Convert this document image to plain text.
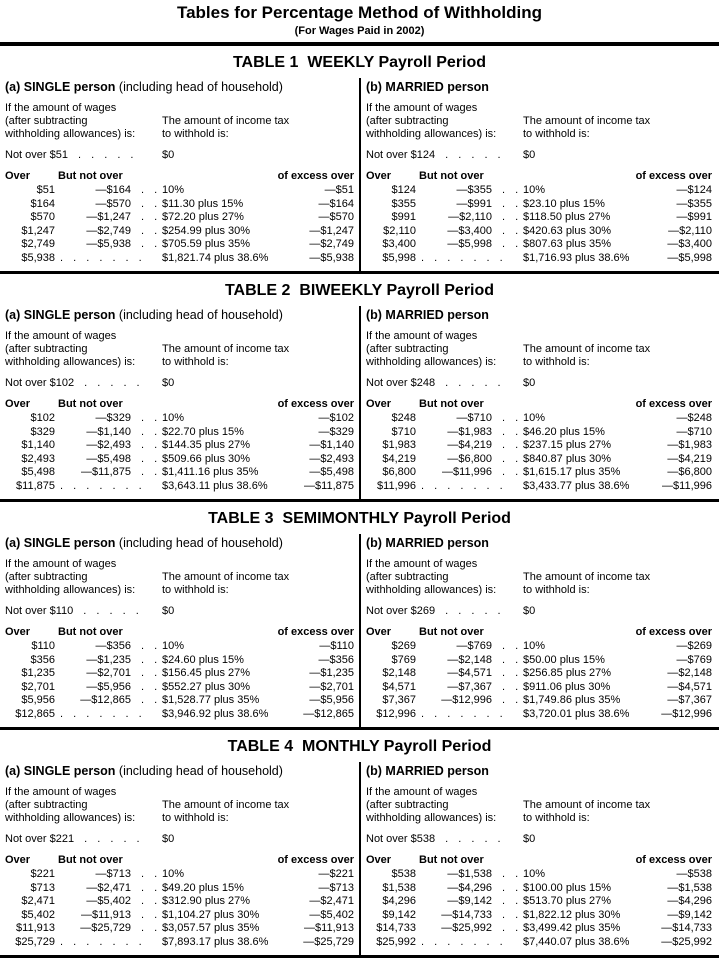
Tables for Percentage Method of Withholding
(For Wages Paid in 2002)
TABLE 1  WEEKLY Payroll Period
(a) SINGLE person (including head of household)
If the amount of wages
(after subtracting
withholding allowances) is:
The amount of income tax
to withhold is:
Not over $51 . . . . .	$0
Over	But not over	of excess over
$51	—$164 . . 10%	—$51
$164	—$570 . . $11.30 plus 15%	—$164
$570	—$1,247 . . $72.20 plus 27%	—$570
$1,247	—$2,749 . . $254.99 plus 30%	—$1,247
$2,749	—$5,938 . . $705.59 plus 35%	—$2,749
$5,938 . . . . . . . $1,821.74 plus 38.6%	—$5,938
(b) MARRIED person
If the amount of wages
(after subtracting
withholding allowances) is:
The amount of income tax
to withhold is:
Not over $124 . . . . . $0
Over	But not over	of excess over
$124	—$355 . . 10%	—$124
$355	—$991 . . $23.10 plus 15%	—$355
$991	—$2,110 . . $118.50 plus 27%	—$991
$2,110	—$3,400 . . $420.63 plus 30%	—$2,110
$3,400	—$5,998 . . $807.63 plus 35%	—$3,400
$5,998 . . . . . . . $1,716.93 plus 38.6%	—$5,998
TABLE 2  BIWEEKLY Payroll Period
(a) SINGLE person (including head of household)
If the amount of wages
(after subtracting
withholding allowances) is:
The amount of income tax
to withhold is:
Not over $102 . . . . . $0
Over	But not over	of excess over
$102	—$329 . . 10%	—$102
$329	—$1,140 . . $22.70 plus 15%	—$329
$1,140	—$2,493 . . $144.35 plus 27%	—$1,140
$2,493	—$5,498 . . $509.66 plus 30%	—$2,493
$5,498	—$11,875 . . $1,411.16 plus 35%	—$5,498
$11,875 . . . . . . . $3,643.11 plus 38.6%	—$11,875
(b) MARRIED person
If the amount of wages
(after subtracting
withholding allowances) is:
The amount of income tax
to withhold is:
Not over $248 . . . . . $0
Over	But not over	of excess over
$248	—$710 . . 10%	—$248
$710	—$1,983 . . $46.20 plus 15%	—$710
$1,983	—$4,219 . . $237.15 plus 27%	—$1,983
$4,219	—$6,800 . . $840.87 plus 30%	—$4,219
$6,800	—$11,996 . . $1,615.17 plus 35%	—$6,800
$11,996 . . . . . . . $3,433.77 plus 38.6%	—$11,996
TABLE 3  SEMIMONTHLY Payroll Period
(a) SINGLE person (including head of household)
If the amount of wages
(after subtracting
withholding allowances) is:
The amount of income tax
to withhold is:
Not over $110 . . . . . $0
Over	But not over	of excess over
$110	—$356 . . 10%	—$110
$356	—$1,235 . . $24.60 plus 15%	—$356
$1,235	—$2,701 . . $156.45 plus 27%	—$1,235
$2,701	—$5,956 . . $552.27 plus 30%	—$2,701
$5,956	—$12,865 . . $1,528.77 plus 35%	—$5,956
$12,865 . . . . . . . $3,946.92 plus 38.6%	—$12,865
(b) MARRIED person
If the amount of wages
(after subtracting
withholding allowances) is:
The amount of income tax
to withhold is:
Not over $269 . . . . . $0
Over	But not over	of excess over
$269	—$769 . . 10%	—$269
$769	—$2,148 . . $50.00 plus 15%	—$769
$2,148	—$4,571 . . $256.85 plus 27%	—$2,148
$4,571	—$7,367 . . $911.06 plus 30%	—$4,571
$7,367	—$12,996 . . $1,749.86 plus 35%	—$7,367
$12,996 . . . . . . . $3,720.01 plus 38.6%	—$12,996
TABLE 4  MONTHLY Payroll Period
(a) SINGLE person (including head of household)
If the amount of wages
(after subtracting
withholding allowances) is:
The amount of income tax
to withhold is:
Not over $221 . . . . . $0
Over	But not over	of excess over
$221	—$713 . . 10%	—$221
$713	—$2,471 . . $49.20 plus 15%	—$713
$2,471	—$5,402 . . $312.90 plus 27%	—$2,471
$5,402	—$11,913 . . $1,104.27 plus 30%	—$5,402
$11,913	—$25,729 . . $3,057.57 plus 35%	—$11,913
$25,729 . . . . . . . $7,893.17 plus 38.6%	—$25,729
(b) MARRIED person
If the amount of wages
(after subtracting
withholding allowances) is:
The amount of income tax
to withhold is:
Not over $538 . . . . . $0
Over	But not over	of excess over
$538	—$1,538 . . 10%	—$538
$1,538	—$4,296 . . $100.00 plus 15%	—$1,538
$4,296	—$9,142 . . $513.70 plus 27%	—$4,296
$9,142	—$14,733 . . $1,822.12 plus 30%	—$9,142
$14,733	—$25,992 . . $3,499.42 plus 35%	—$14,733
$25,992 . . . . . . . $7,440.07 plus 38.6%	—$25,992
